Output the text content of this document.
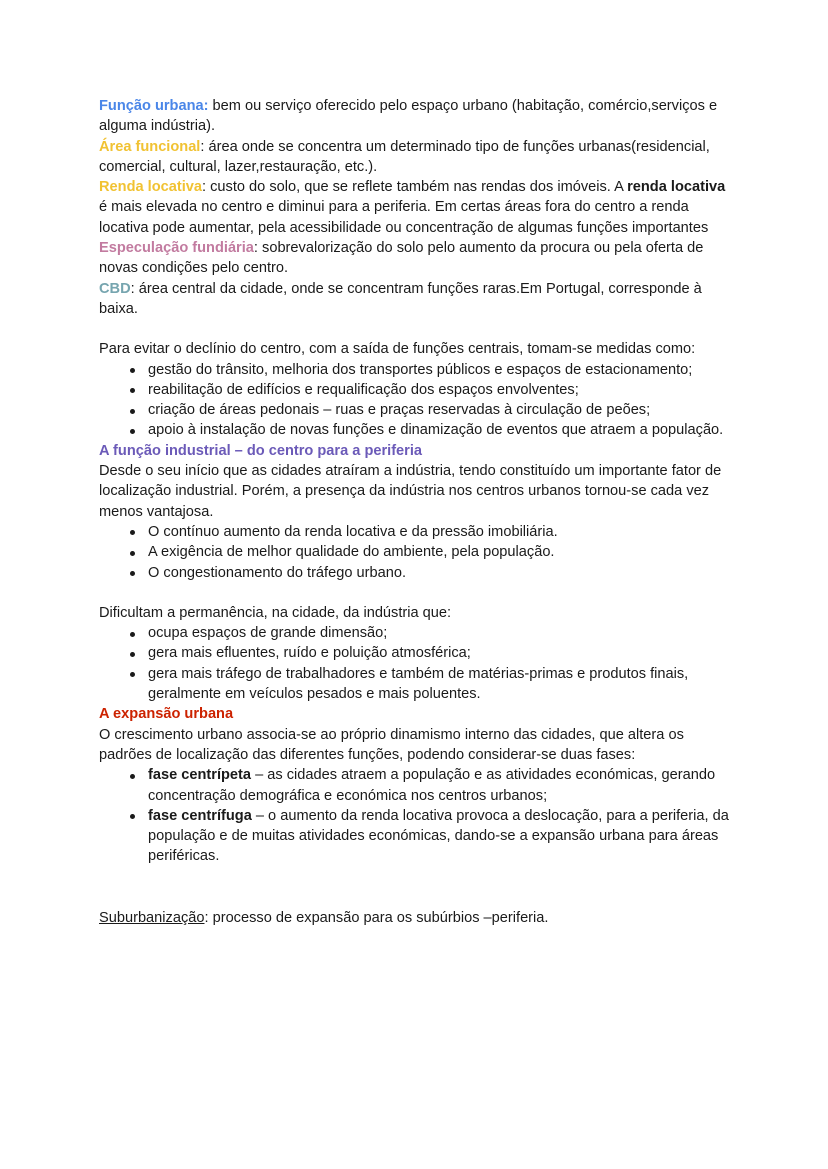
Função urbana: bem ou serviço oferecido pelo espaço urbano (habitação, comércio,serviços e alguma indústria).

Área funcional: área onde se concentra um determinado tipo de funções urbanas(residencial, comercial, cultural, lazer,restauração, etc.).

Renda locativa: custo do solo, que se reflete também nas rendas dos imóveis. A renda locativa é mais elevada no centro e diminui para a periferia. Em certas áreas fora do centro a renda locativa pode aumentar, pela acessibilidade ou concentração de algumas funções importantes

Especulação fundiária: sobrevalorização do solo pelo aumento da procura ou pela oferta de novas condições pelo centro.

CBD: área central da cidade, onde se concentram funções raras.Em Portugal, corresponde à baixa.

Para evitar o declínio do centro, com a saída de funções centrais, tomam-se medidas como:

gestão do trânsito, melhoria dos transportes públicos e espaços de estacionamento;
reabilitação de edifícios e requalificação dos espaços envolventes;
criação de áreas pedonais – ruas e praças reservadas à circulação de peões;
apoio à instalação de novas funções e dinamização de eventos que atraem a população.
A função industrial – do centro para a periferia

Desde o seu início que as cidades atraíram a indústria, tendo constituído um importante fator de localização industrial. Porém, a presença da indústria nos centros urbanos tornou-se cada vez menos vantajosa.

O contínuo aumento da renda locativa e da pressão imobiliária.
A exigência de melhor qualidade do ambiente, pela população.
O congestionamento do tráfego urbano.

Dificultam a permanência, na cidade, da indústria que:

ocupa espaços de grande dimensão;
gera mais efluentes, ruído e poluição atmosférica;
gera mais tráfego de trabalhadores e também de matérias-primas e produtos finais, geralmente em veículos pesados e mais poluentes.
A expansão urbana

O crescimento urbano associa-se ao próprio dinamismo interno das cidades, que altera os padrões de localização das diferentes funções, podendo considerar-se duas fases:

fase centrípeta – as cidades atraem a população e as atividades económicas, gerando concentração demográfica e económica nos centros urbanos;
fase centrífuga – o aumento da renda locativa provoca a deslocação, para a periferia, da população e de muitas atividades económicas, dando-se a expansão urbana para áreas periféricas.

Suburbanização: processo de expansão para os subúrbios –periferia.
